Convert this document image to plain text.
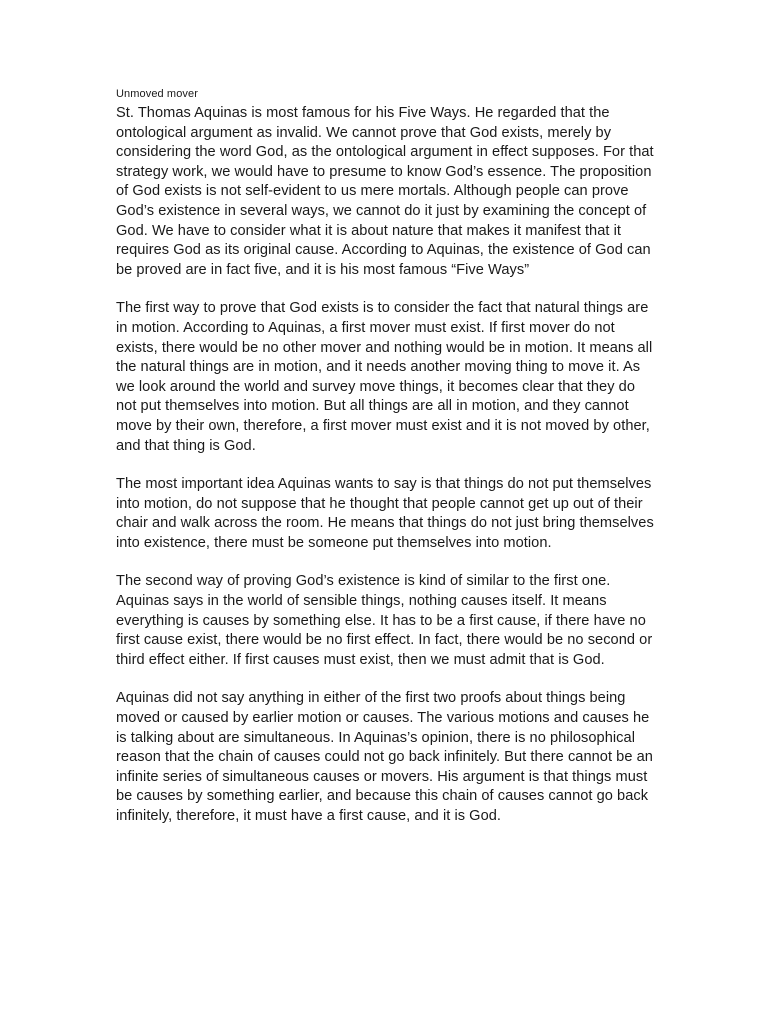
Unmoved mover

St. Thomas Aquinas is most famous for his Five Ways. He regarded that the ontological argument as invalid. We cannot prove that God exists, merely by considering the word God, as the ontological argument in effect supposes. For that strategy work, we would have to presume to know God’s essence. The proposition of God exists is not self-evident to us mere mortals. Although people can prove God’s existence in several ways, we cannot do it just by examining the concept of God. We have to consider what it is about nature that makes it manifest that it requires God as its original cause. According to Aquinas, the existence of God can be proved are in fact five, and it is his most famous “Five Ways”

The first way to prove that God exists is to consider the fact that natural things are in motion. According to Aquinas, a first mover must exist. If first mover do not exists, there would be no other mover and nothing would be in motion. It means all the natural things are in motion, and it needs another moving thing to move it. As we look around the world and survey move things, it becomes clear that they do not put themselves into motion. But all things are all in motion, and they cannot move by their own, therefore, a first mover must exist and it is not moved by other, and that thing is God.

The most important idea Aquinas wants to say is that things do not put themselves into motion, do not suppose that he thought that people cannot get up out of their chair and walk across the room. He means that things do not just bring themselves into existence, there must be someone put themselves into motion.

The second way of proving God’s existence is kind of similar to the first one. Aquinas says in the world of sensible things, nothing causes itself. It means everything is causes by something else. It has to be a first cause, if there have no first cause exist, there would be no first effect. In fact, there would be no second or third effect either. If first causes must exist, then we must admit that is God.

Aquinas did not say anything in either of the first two proofs about things being moved or caused by earlier motion or causes. The various motions and causes he is talking about are simultaneous. In Aquinas’s opinion, there is no philosophical reason that the chain of causes could not go back infinitely. But there cannot be an infinite series of simultaneous causes or movers. His argument is that things must be causes by something earlier, and because this chain of causes cannot go back infinitely, therefore, it must have a first cause, and it is God.
